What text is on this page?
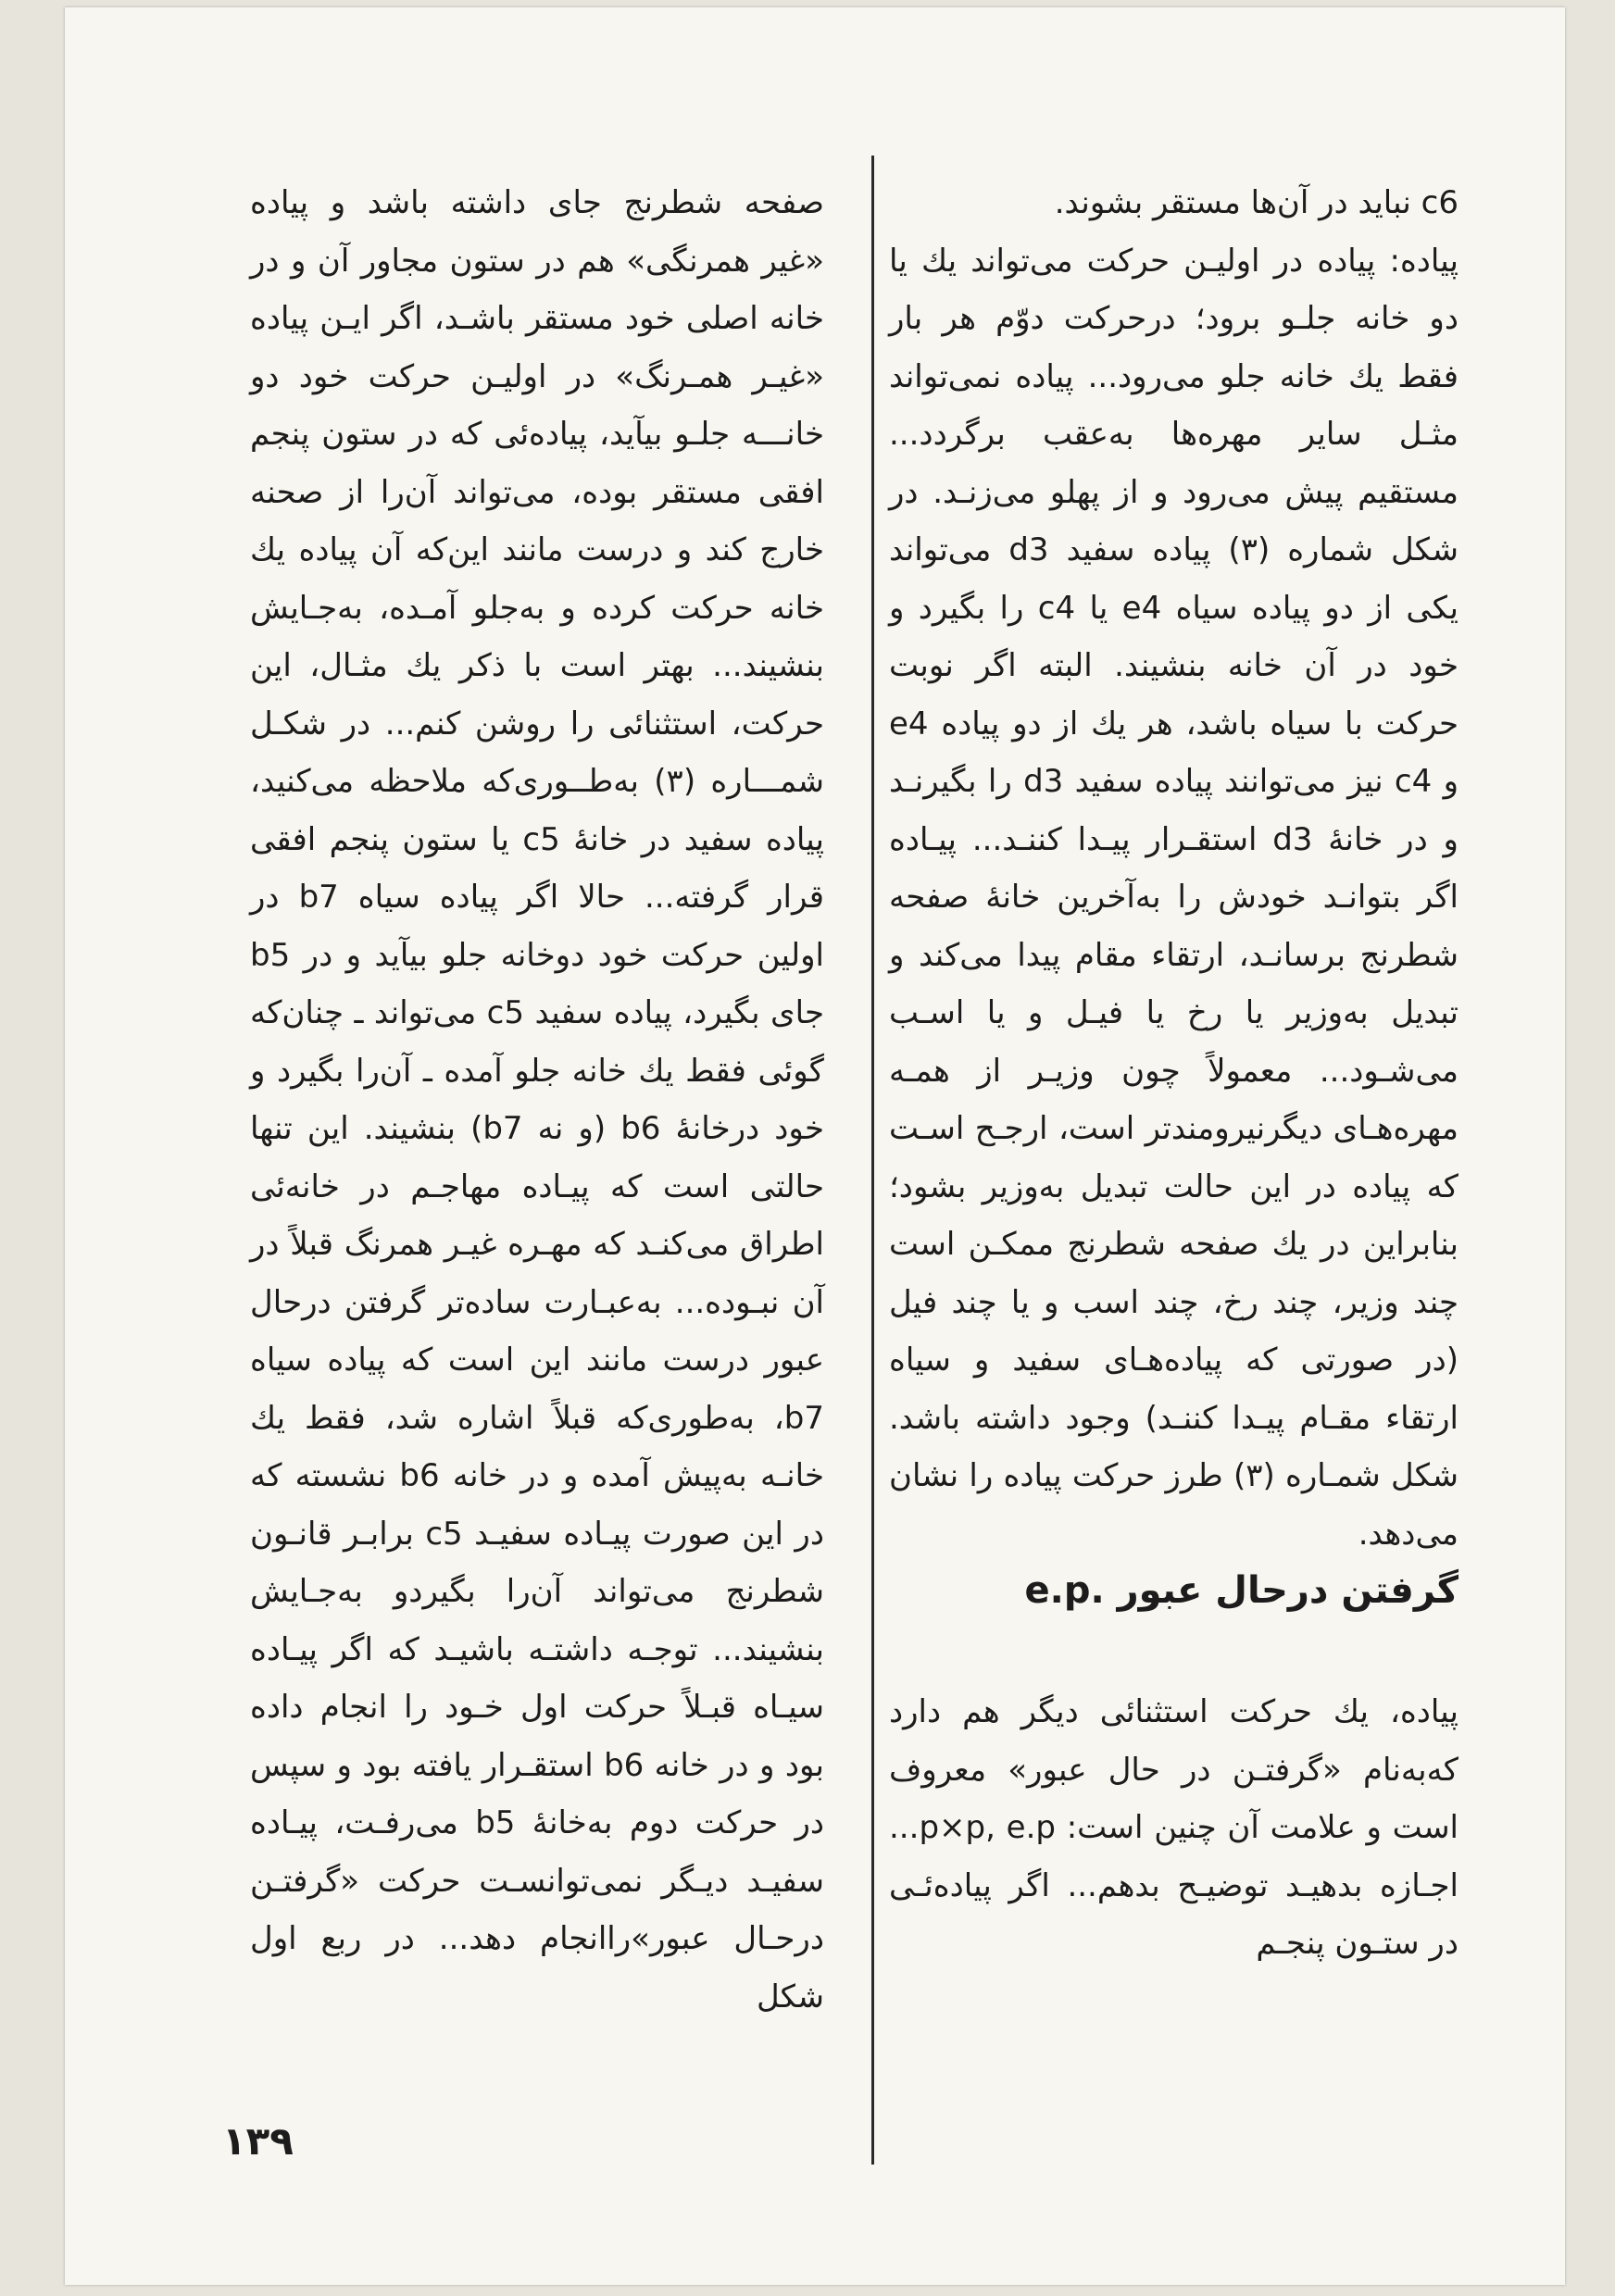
c6 نباید در آن‌ها مستقر بشوند.

پیاده: پیاده در اولیـن حرکت می‌تواند یك یا دو خانه جلـو برود؛ درحرکت دوّم هر بار فقط یك خانه جلو می‌رود... پیاده نمی‌تواند مثـل سایر مهره‌ها به‌عقب برگردد... مستقیم پیش می‌رود و از پهلو می‌زنـد. در شکل شماره (۳) پیاده سفید d3 می‌تواند یکی از دو پیاده سیاه e4 یا c4 را بگیرد و خود در آن خانه بنشیند. البته اگر نوبت حرکت با سیاه باشد، هر یك از دو پیاده e4 و c4 نیز می‌توانند پیاده سفید d3 را بگیرنـد و در خانهٔ d3 استقـرار پیـدا کننـد... پیـاده اگر بتوانـد خودش را به‌آخرین خانهٔ صفحه شطرنج برسانـد، ارتقاء مقام پیدا می‌کند و تبدیل به‌وزیر یا رخ یا فیـل و یا اسـب می‌شـود... معمولاً چون وزیـر از همـه مهره‌هـای دیگرنیرومندتر است، ارجـح اسـت که پیاده در این حالت تبدیل به‌وزیر بشود؛ بنابراین در یك صفحه شطرنج ممکـن است چند وزیر، چند رخ، چند اسب و یا چند فیل (در صورتی که پیاده‌هـای سفید و سیاه ارتقاء مقـام پیـدا کننـد) وجود داشته باشد. شکل شمـاره (۳) طرز حرکت پیاده را نشان می‌دهد.

گرفتن درحال عبور .e.p

پیاده، یك حرکت استثنائی دیگر هم دارد که‌به‌نام «گرفتـن در حال عبور» معروف است و علامت آن چنین است: p×p, e.p... اجـازه بدهیـد توضیـح بدهم... اگر پیاده‌ئـی در ستـون پنجـم

صفحه شطرنج جای داشته باشد و پیاده «غیر همرنگی» هم در ستون مجاور آن و در خانه اصلی خود مستقر باشـد، اگر ایـن پیاده «غیـر همـرنگ» در اولیـن حرکت خود دو خانـــه جلـو بیآید، پیاده‌ئی که در ستون پنجم افقی مستقر بوده، می‌تواند آن‌را از صحنه خارج کند و درست مانند این‌که آن پیاده یك خانه حرکت کرده و به‌جلو آمـده، به‌جـایش بنشیند... بهتر است با ذکر یك مثـال، این حرکت، استثنائی را روشن کنم... در شکـل شمـــاره (۳) به‌طــوری‌که ملاحظه می‌کنید، پیاده سفید در خانهٔ c5 یا ستون پنجم افقی قرار گرفته... حالا اگر پیاده سیاه b7 در اولین حرکت خود دوخانه جلو بیآید و در b5 جای بگیرد، پیاده سفید c5 می‌تواند ـ چنان‌که گوئی فقط یك خانه جلو آمده ـ آن‌را بگیرد و خود درخانهٔ b6 (و نه b7) بنشیند. این تنها حالتی است که پیـاده مهاجـم در خانه‌ئی اطراق می‌کنـد که مهـره غیـر همرنگ قبلاً در آن نبـوده... به‌عبـارت ساده‌تر گرفتن درحال عبور درست مانند این است که پیاده سیاه b7، به‌طوری‌که قبلاً اشاره شد، فقط یك خانـه به‌پیش آمده و در خانه b6 نشسته که در این صورت پیـاده سفیـد c5 برابـر قانـون شطرنج می‌تواند آن‌را بگیردو به‌جـایش بنشیند... توجـه داشتـه باشیـد که اگر پیـاده سیـاه قبـلاً حرکت اول خـود را انجام داده بود و در خانه b6 استقـرار یافته بود و سپس در حرکت دوم به‌خانهٔ b5 می‌رفـت، پیـاده سفیـد دیـگر نمی‌توانسـت حرکت «گرفتـن درحـال عبور»راانجام دهد... در ربع اول شکل

۱۳۹
